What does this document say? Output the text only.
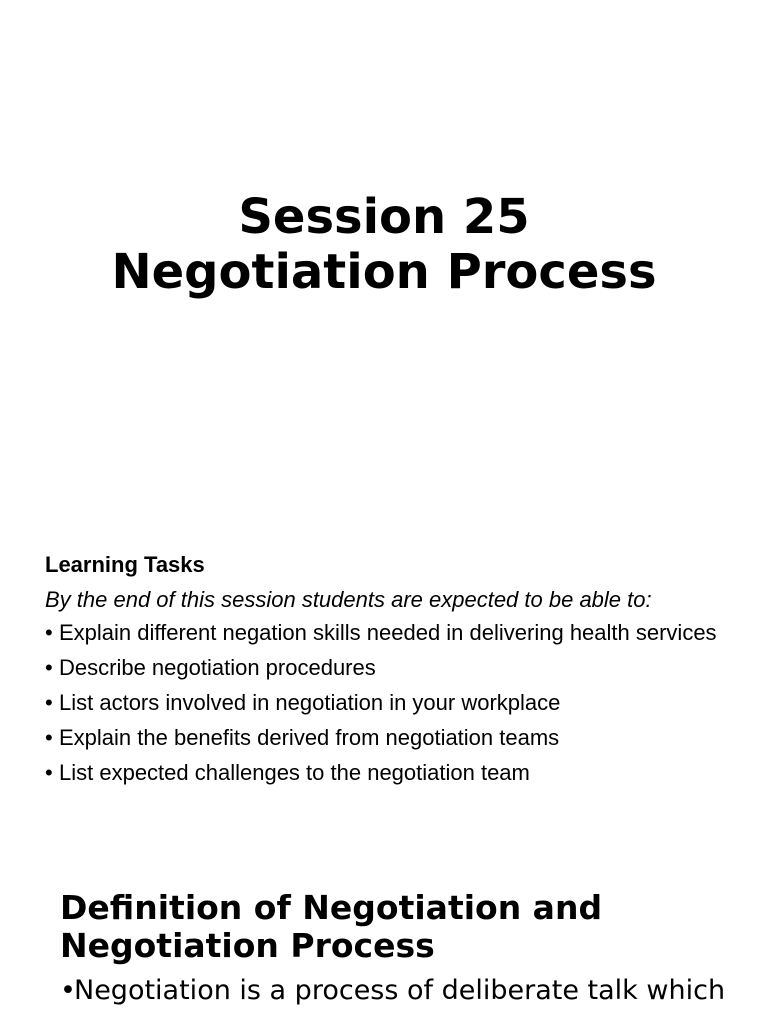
Session 25
Negotiation Process
Learning Tasks
By the end of this session students are expected to be able to:
• Explain different negation skills needed in delivering health services
• Describe negotiation procedures
• List actors involved in negotiation in your workplace
• Explain the benefits derived from negotiation teams
• List expected challenges to the negotiation team
Definition of Negotiation and
Negotiation Process
•
Negotiation is a process of deliberate talk which
